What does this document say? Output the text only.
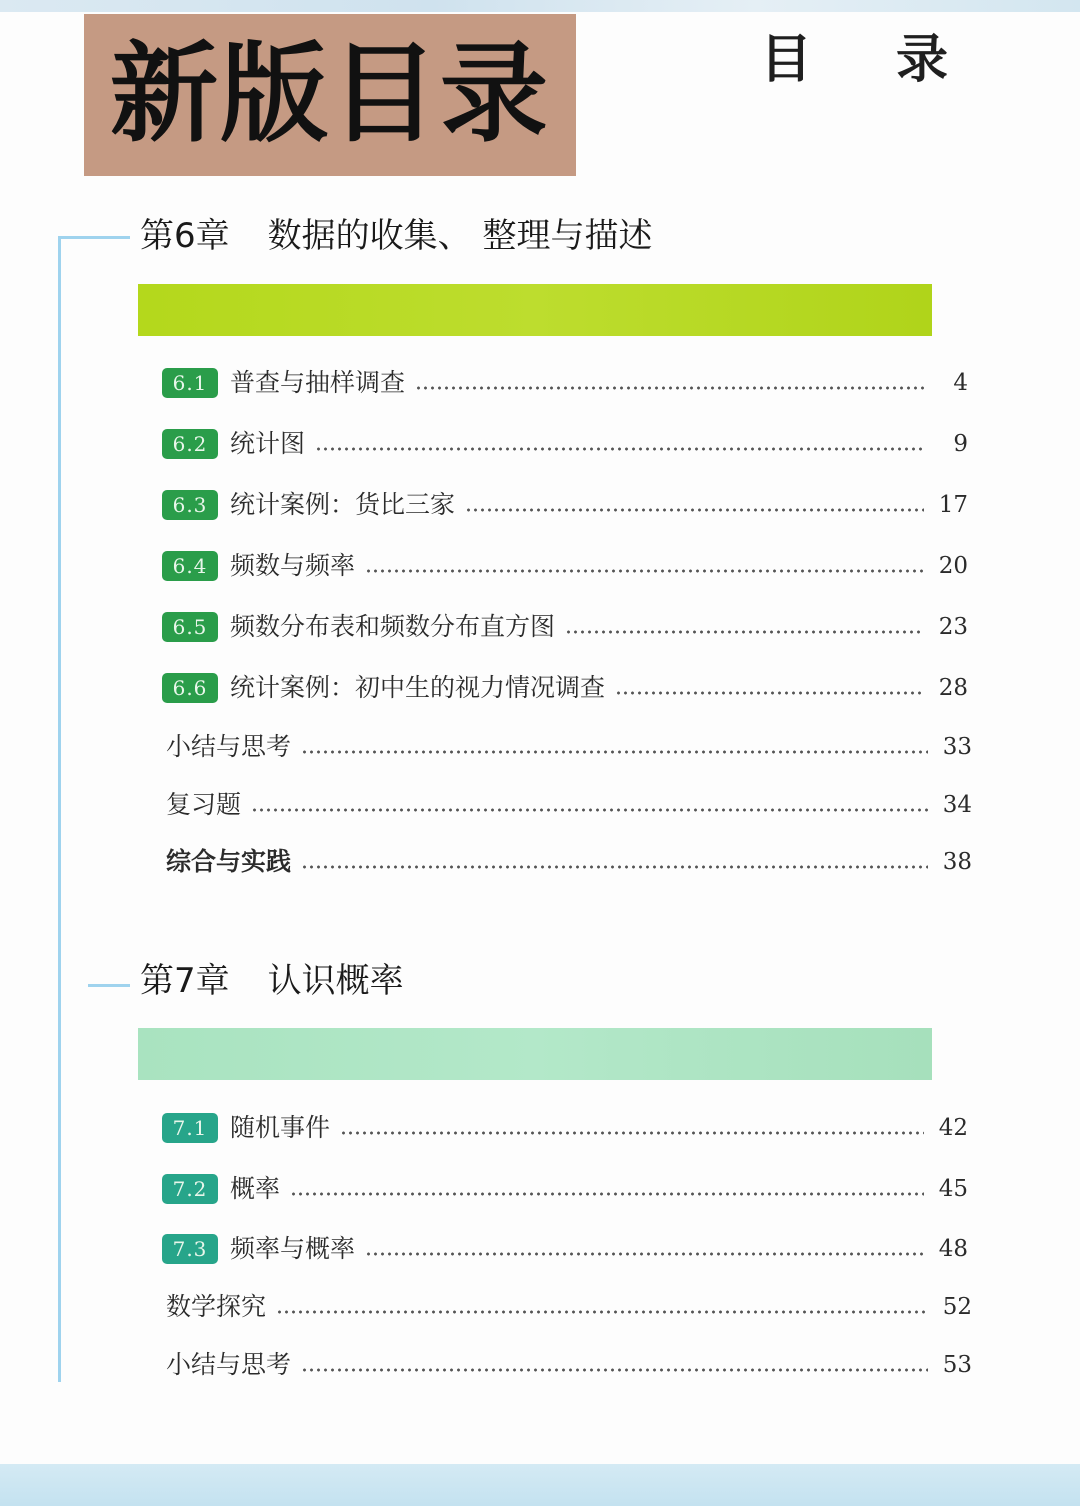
新版目录	目录
第6章 数据的收集、 整理与描述
6.1 普查与抽样调查	4
6.2 统计图	9
6.3 统计案例：货比三家	17
6.4 频数与频率	20
6.5 频数分布表和频数分布直方图	23
6.6 统计案例：初中生的视力情况调查	28
小结与思考	33
复习题	34
综合与实践	38
第7章 认识概率
7.1 随机事件	42
7.2 概率	45
7.3 频率与概率	48
数学探究	52
小结与思考	53
